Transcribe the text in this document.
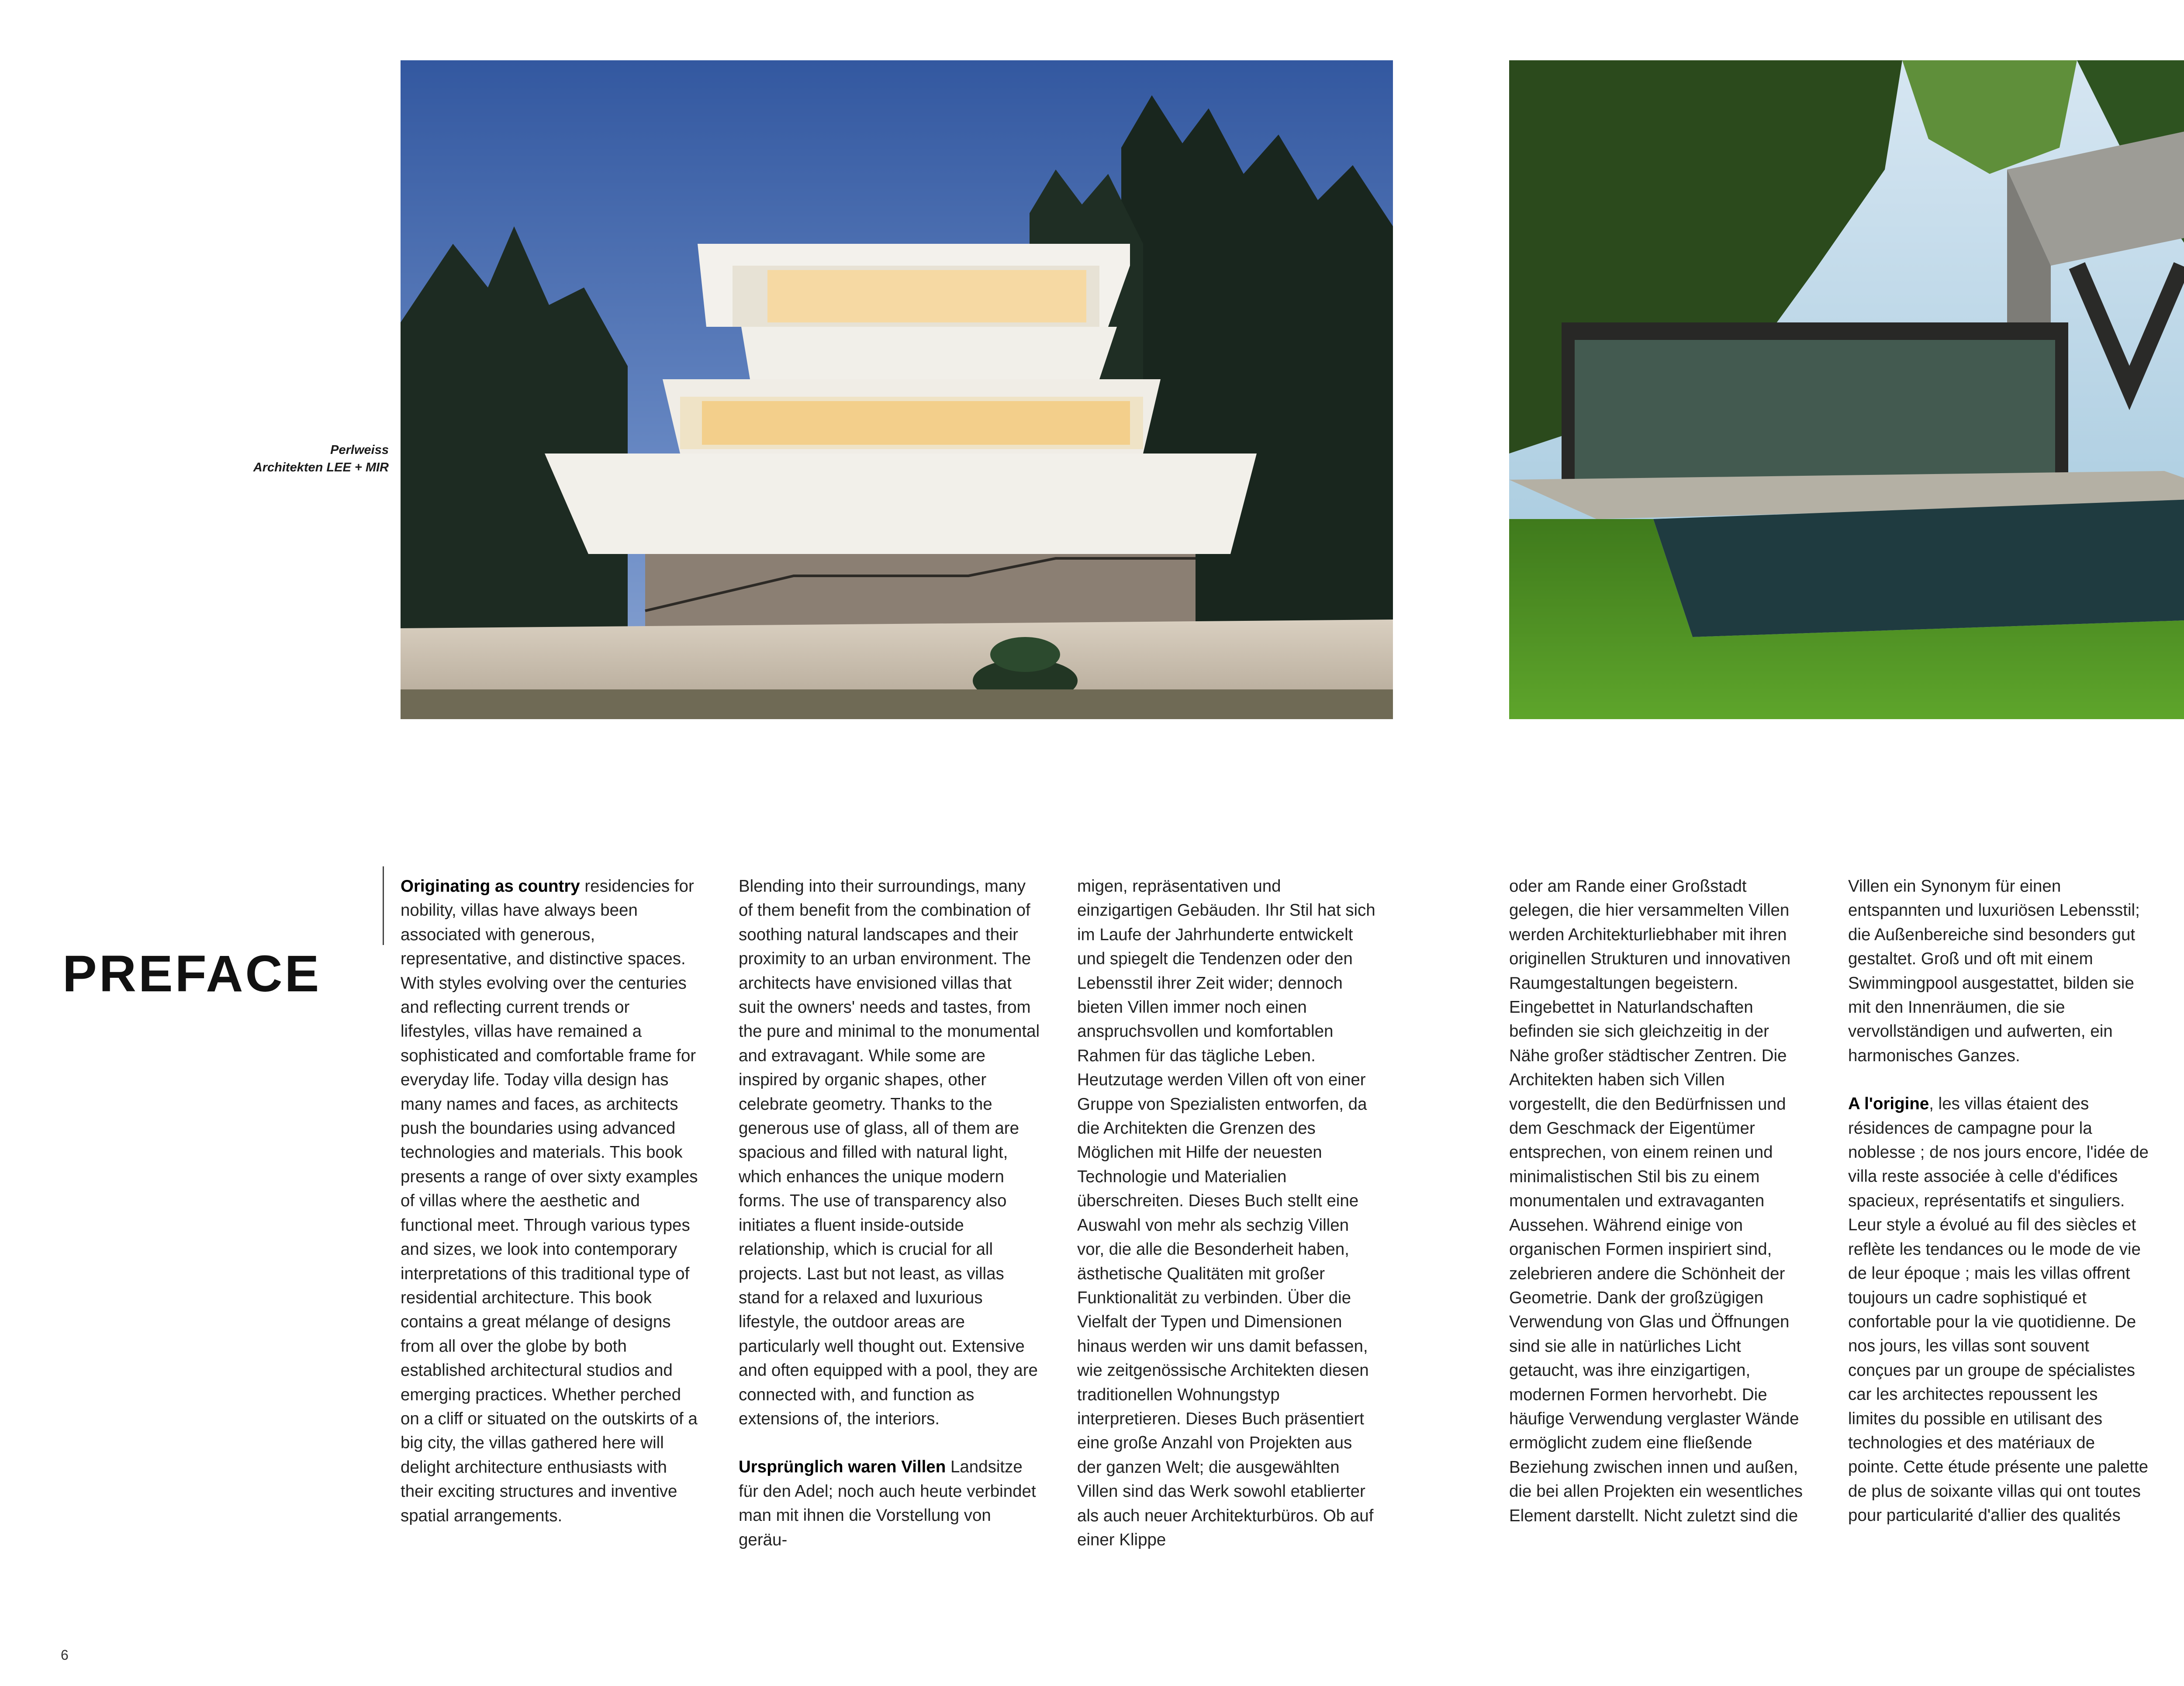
Perlweiss
Architekten LEE + MIR
PREFACE

Originating as country residencies for nobility, villas have always been associated with generous, representative, and distinctive spaces. With styles evolving over the centuries and reflecting current trends or lifestyles, villas have remained a sophisticated and comfortable frame for everyday life. Today villa design has many names and faces, as architects push the boundaries using advanced technologies and materials. This book presents a range of over sixty examples of villas where the aesthetic and functional meet. Through various types and sizes, we look into contemporary interpretations of this traditional type of residential architecture. This book contains a great mélange of designs from all over the globe by both established architectural studios and emerging practices. Whether perched on a cliff or situated on the outskirts of a big city, the villas gathered here will delight architecture enthusiasts with their exciting structures and inventive spatial arrangements.

Blending into their surroundings, many of them benefit from the combination of soothing natural landscapes and their proximity to an urban environment. The architects have envisioned villas that suit the owners' needs and tastes, from the pure and minimal to the monumental and extravagant. While some are inspired by organic shapes, other celebrate geometry. Thanks to the generous use of glass, all of them are spacious and filled with natural light, which enhances the unique modern forms. The use of transparency also initiates a fluent inside-outside relationship, which is crucial for all projects. Last but not least, as villas stand for a relaxed and luxurious lifestyle, the outdoor areas are particularly well thought out. Extensive and often equipped with a pool, they are connected with, and function as extensions of, the interiors.

Ursprünglich waren Villen Landsitze für den Adel; noch auch heute verbindet man mit ihnen die Vorstellung von geräu-

migen, repräsentativen und einzigartigen Gebäuden. Ihr Stil hat sich im Laufe der Jahrhunderte entwickelt und spiegelt die Tendenzen oder den Lebensstil ihrer Zeit wider; dennoch bieten Villen immer noch einen anspruchsvollen und komfortablen Rahmen für das tägliche Leben. Heutzutage werden Villen oft von einer Gruppe von Spezialisten entworfen, da die Architekten die Grenzen des Möglichen mit Hilfe der neuesten Technologie und Materialien überschreiten. Dieses Buch stellt eine Auswahl von mehr als sechzig Villen vor, die alle die Besonderheit haben, ästhetische Qualitäten mit großer Funktionalität zu verbinden. Über die Vielfalt der Typen und Dimensionen hinaus werden wir uns damit befassen, wie zeitgenössische Architekten diesen traditionellen Wohnungstyp interpretieren. Dieses Buch präsentiert eine große Anzahl von Projekten aus der ganzen Welt; die ausgewählten Villen sind das Werk sowohl etablierter als auch neuer Architekturbüros. Ob auf einer Klippe

oder am Rande einer Großstadt gelegen, die hier versammelten Villen werden Architekturliebhaber mit ihren originellen Strukturen und innovativen Raumgestaltungen begeistern. Eingebettet in Naturlandschaften befinden sie sich gleichzeitig in der Nähe großer städtischer Zentren. Die Architekten haben sich Villen vorgestellt, die den Bedürfnissen und dem Geschmack der Eigentümer entsprechen, von einem reinen und minimalistischen Stil bis zu einem monumentalen und extravaganten Aussehen. Während einige von organischen Formen inspiriert sind, zelebrieren andere die Schönheit der Geometrie. Dank der großzügigen Verwendung von Glas und Öffnungen sind sie alle in natürliches Licht getaucht, was ihre einzigartigen, modernen Formen hervorhebt. Die häufige Verwendung verglaster Wände ermöglicht zudem eine fließende Beziehung zwischen innen und außen, die bei allen Projekten ein wesentliches Element darstellt. Nicht zuletzt sind die

Villen ein Synonym für einen entspannten und luxuriösen Lebensstil; die Außenbereiche sind besonders gut gestaltet. Groß und oft mit einem Swimmingpool ausgestattet, bilden sie mit den Innenräumen, die sie vervollständigen und aufwerten, ein harmonisches Ganzes.

A l'origine, les villas étaient des résidences de campagne pour la noblesse ; de nos jours encore, l'idée de villa reste associée à celle d'édifices spacieux, représentatifs et singuliers. Leur style a évolué au fil des siècles et reflète les tendances ou le mode de vie de leur époque ; mais les villas offrent toujours un cadre sophistiqué et confortable pour la vie quotidienne. De nos jours, les villas sont souvent conçues par un groupe de spécialistes car les architectes repoussent les limites du possible en utilisant des technologies et des matériaux de pointe. Cette étude présente une palette de plus de soixante villas qui ont toutes pour particularité d'allier des qualités

6
